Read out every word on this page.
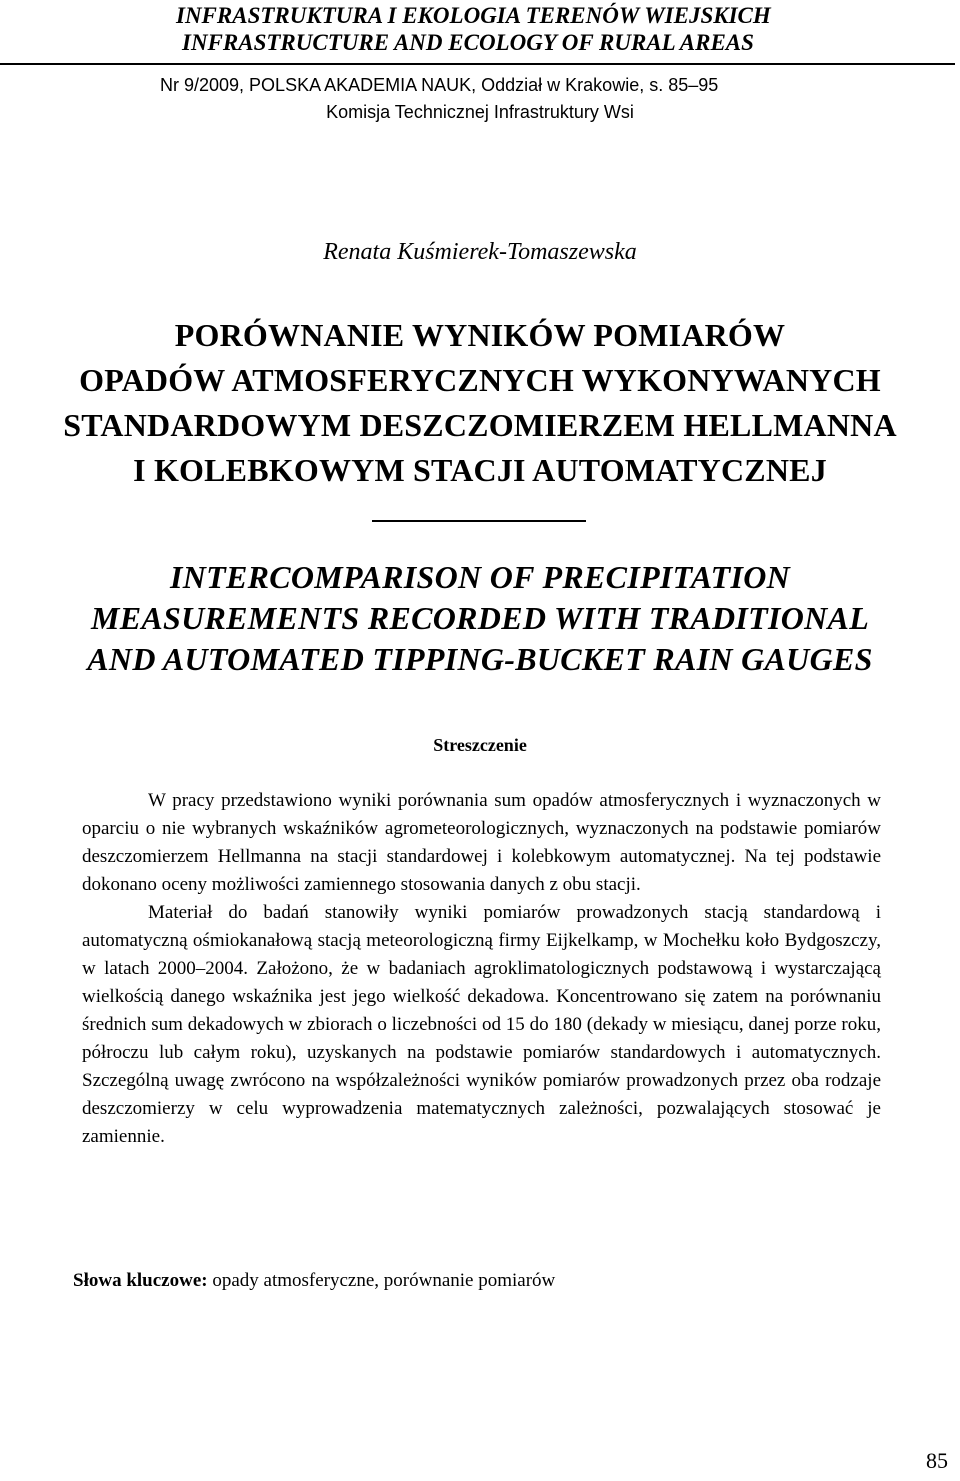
INFRASTRUKTURA I EKOLOGIA TERENÓW WIEJSKICH
INFRASTRUCTURE AND ECOLOGY OF RURAL AREAS
Nr 9/2009, POLSKA AKADEMIA NAUK, Oddział w Krakowie, s. 85–95
Komisja Technicznej Infrastruktury Wsi
Renata Kuśmierek-Tomaszewska
PORÓWNANIE WYNIKÓW POMIARÓW
OPADÓW ATMOSFERYCZNYCH WYKONYWANYCH
STANDARDOWYM DESZCZOMIERZEM HELLMANNA
I KOLEBKOWYM STACJI AUTOMATYCZNEJ
INTERCOMPARISON OF PRECIPITATION
MEASUREMENTS RECORDED WITH TRADITIONAL
AND AUTOMATED TIPPING-BUCKET RAIN GAUGES
Streszczenie

W pracy przedstawiono wyniki porównania sum opadów atmosferycznych i wyznaczonych w oparciu o nie wybranych wskaźników agrometeorologicznych, wyznaczonych na podstawie pomiarów deszczomierzem Hellmanna na stacji standardowej i kolebkowym automatycznej. Na tej podstawie dokonano oceny możliwości zamiennego stosowania danych z obu stacji.

Materiał do badań stanowiły wyniki pomiarów prowadzonych stacją standardową i automatyczną ośmiokanałową stacją meteorologiczną firmy Eijkelkamp, w Mochełku koło Bydgoszczy, w latach 2000–2004. Założono, że w badaniach agroklimatologicznych podstawową i wystarczającą wielkością danego wskaźnika jest jego wielkość dekadowa. Koncentrowano się zatem na porównaniu średnich sum dekadowych w zbiorach o liczebności od 15 do 180 (dekady w miesiącu, danej porze roku, półroczu lub całym roku), uzyskanych na podstawie pomiarów standardowych i automatycznych. Szczególną uwagę zwrócono na współzależności wyników pomiarów prowadzonych przez oba rodzaje deszczomierzy w celu wyprowadzenia matematycznych zależności, pozwalających stosować je zamiennie.

Słowa kluczowe: opady atmosferyczne, porównanie pomiarów
85
